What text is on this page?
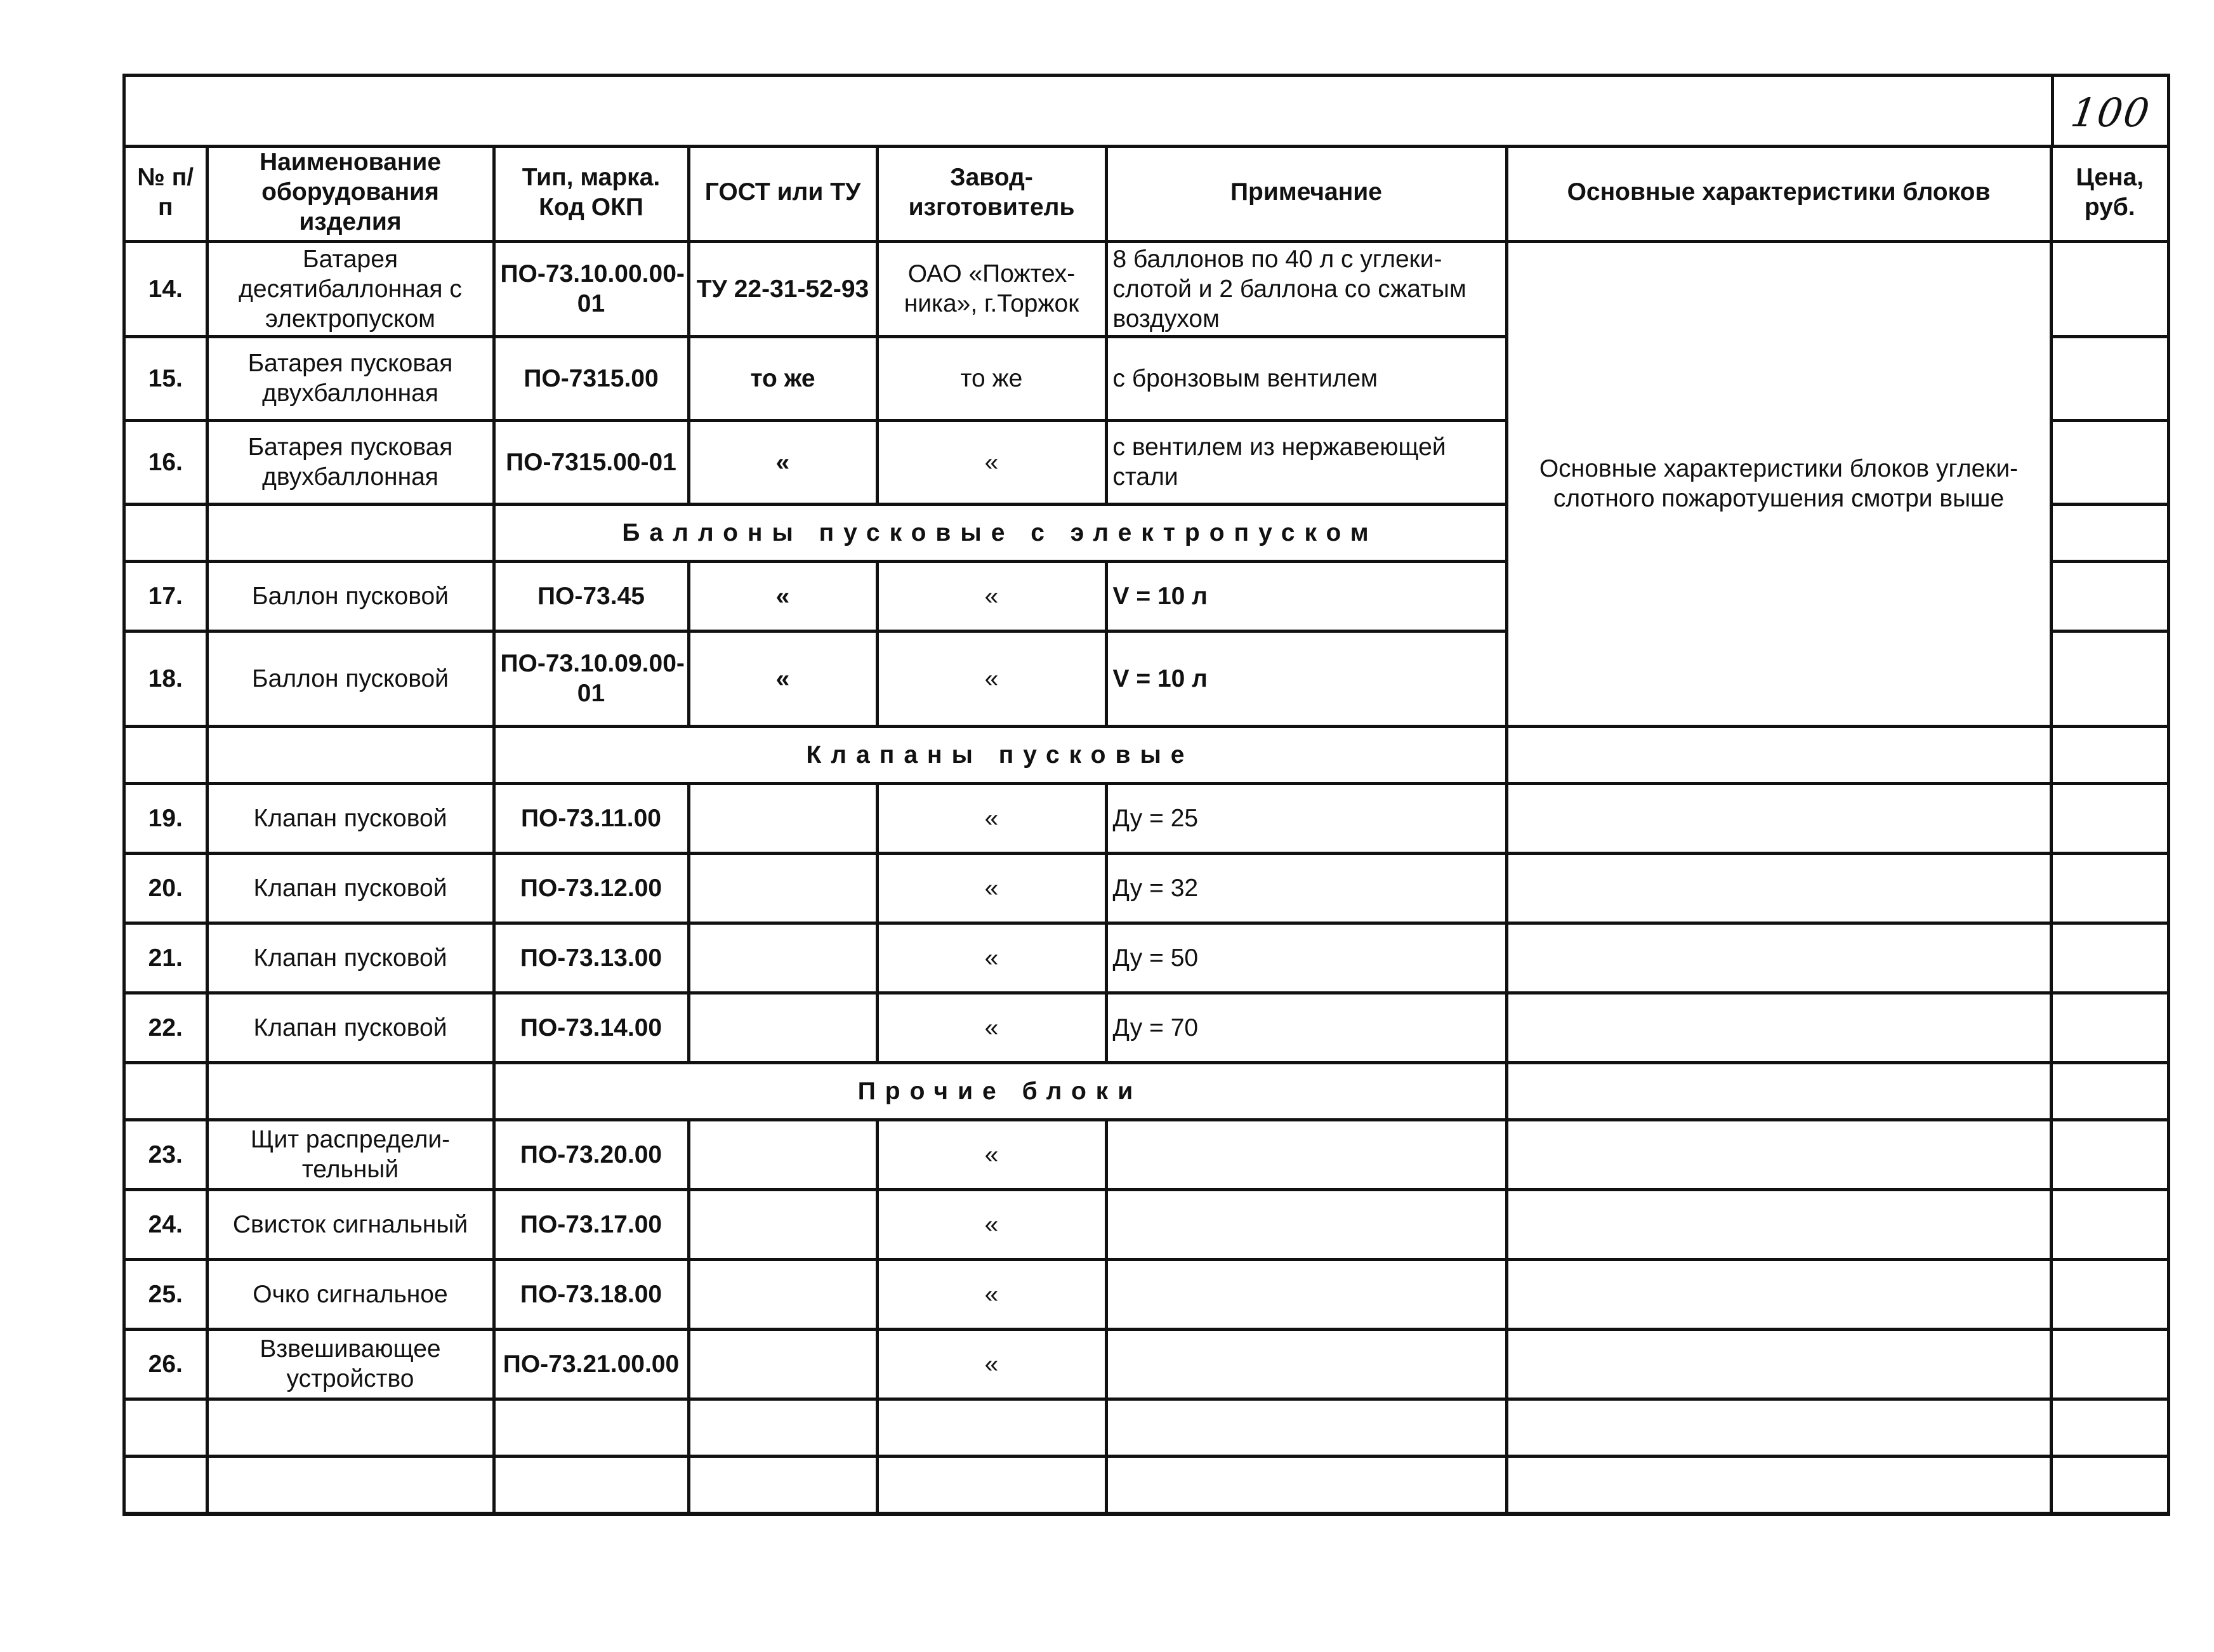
100
№ п/п	Наименование оборудования изделия	Тип, марка. Код ОКП	ГОСТ или ТУ	Завод-изготовитель	Примечание	Основные характеристики блоков	Цена, руб.
14.	Батарея десятибаллонная с электропуском	ПО-73.10.00.00-01	ТУ 22-31-52-93	ОАО «Пожтех-ника», г.Торжок	8 баллонов по 40 л с углеки-слотой и 2 баллона со сжатым воздухом	Основные характеристики блоков углеки-слотного пожаротушения смотри выше	
15.	Батарея пусковая двухбаллонная	ПО-7315.00	то же	то же	с бронзовым вентилем		
16.	Батарея пусковая двухбаллонная	ПО-7315.00-01	«	«	с вентилем из нержавеющей стали		
		Баллоны пусковые с электропуском					
17.	Баллон пусковой	ПО-73.45	«	«	V = 10 л		
18.	Баллон пусковой	ПО-73.10.09.00-01	«	«	V = 10 л		
		Клапаны пусковые					
19.	Клапан пусковой	ПО-73.11.00		«	Ду = 25		
20.	Клапан пусковой	ПО-73.12.00		«	Ду = 32		
21.	Клапан пусковой	ПО-73.13.00		«	Ду = 50		
22.	Клапан пусковой	ПО-73.14.00		«	Ду = 70		
		Прочие блоки					
23.	Щит распредели-тельный	ПО-73.20.00		«			
24.	Свисток сигнальный	ПО-73.17.00		«			
25.	Очко сигнальное	ПО-73.18.00		«			
26.	Взвешивающее устройство	ПО-73.21.00.00		«			
